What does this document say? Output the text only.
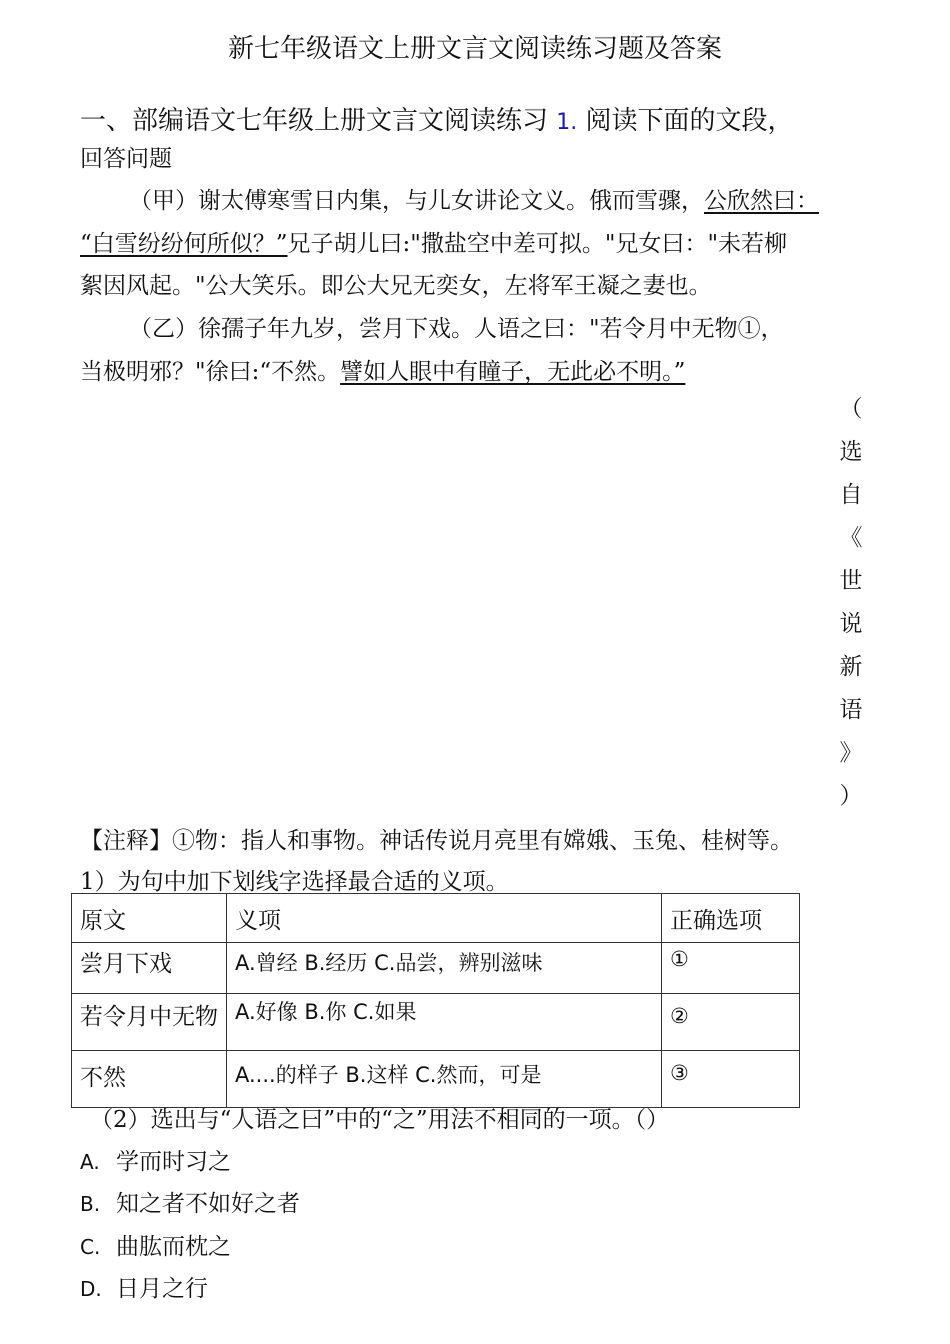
新七年级语文上册文言文阅读练习题及答案
一、部编语文七年级上册文言文阅读练习 1. 阅读下面的文段，
回答问题
（甲）谢太傅寒雪日内集，与儿女讲论文义。俄而雪骤，公欣然曰：
“白雪纷纷何所似？”兄子胡儿曰:"撒盐空中差可拟。"兄女曰："未若柳
絮因风起。"公大笑乐。即公大兄无奕女，左将军王凝之妻也。
（乙）徐孺子年九岁，尝月下戏。人语之曰："若令月中无物①，
当极明邪？"徐曰:“不然。譬如人眼中有瞳子，无此必不明。”
（
选
自
《
世
说
新
语
》
）
【注释】①物：指人和事物。神话传说月亮里有嫦娥、玉兔、桂树等。
1）为句中加下划线字选择最合适的义项。
原文	义项	正确选项
尝月下戏	A.曾经 B.经历 C.品尝，辨别滋味	①
若令月中无物	A.好像 B.你 C.如果	②
不然	A....的样子 B.这样 C.然而，可是	③
（2）选出与“人语之曰”中的“之”用法不相同的一项。（）
A. 学而时习之
B. 知之者不如好之者
C. 曲肱而枕之
D. 日月之行
